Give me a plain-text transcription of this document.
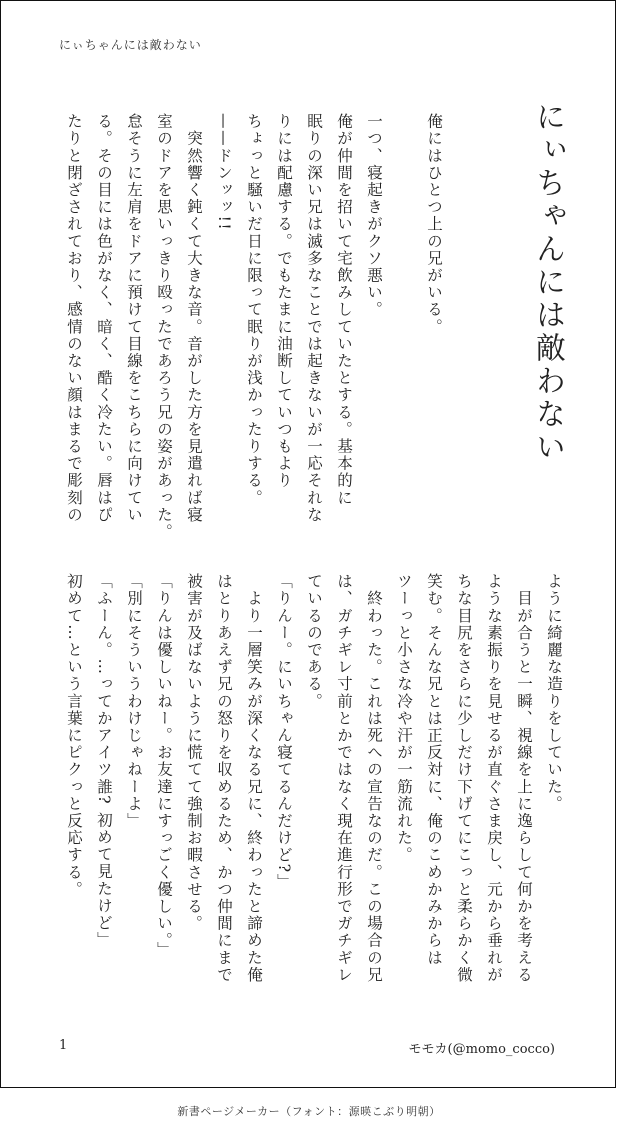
にぃちゃんには敵わない
にぃちゃんには敵わない
俺にはひとつ上の兄がいる。

一つ、寝起きがクソ悪い。
俺が仲間を招いて宅飲みしていたとする。基本的に
眠りの深い兄は滅多なことでは起きないが一応それな
りには配慮する。でもたまに油断していつもより
ちょっと騒いだ日に限って眠りが浅かったりする。
——ドンッッ!!
　突然響く鈍くて大きな音。音がした方を見遣れば寝
室のドアを思いっきり殴ったであろう兄の姿があった。
怠そうに左肩をドアに預けて目線をこちらに向けてい
る。その目には色がなく、暗く、酷く冷たい。唇はぴ
たりと閉ざされており、感情のない顔はまるで彫刻の
ように綺麗な造りをしていた。
　目が合うと一瞬、視線を上に逸らして何かを考える
ような素振りを見せるが直ぐさま戻し、元から垂れが
ちな目尻をさらに少しだけ下げてにこっと柔らかく微
笑む。そんな兄とは正反対に、俺のこめかみからは
ツーっと小さな冷や汗が一筋流れた。
　終わった。これは死への宣告なのだ。この場合の兄
は、ガチギレ寸前とかではなく現在進行形でガチギレ
ているのである。
「りんー。にいちゃん寝てるんだけど?」
　より一層笑みが深くなる兄に、終わったと諦めた俺
はとりあえず兄の怒りを収めるため、かつ仲間にまで
被害が及ばないように慌てて強制お暇させる。
「りんは優しいねー。お友達にすっごく優しい。」
「別にそういうわけじゃねーよ」
「ふーん。…ってかアイツ誰? 初めて見たけど」
初めて…という言葉にピクっと反応する。
1	モモカ(@momo_cocco)
新書ページメーカー（フォント：源暎こぶり明朝）
